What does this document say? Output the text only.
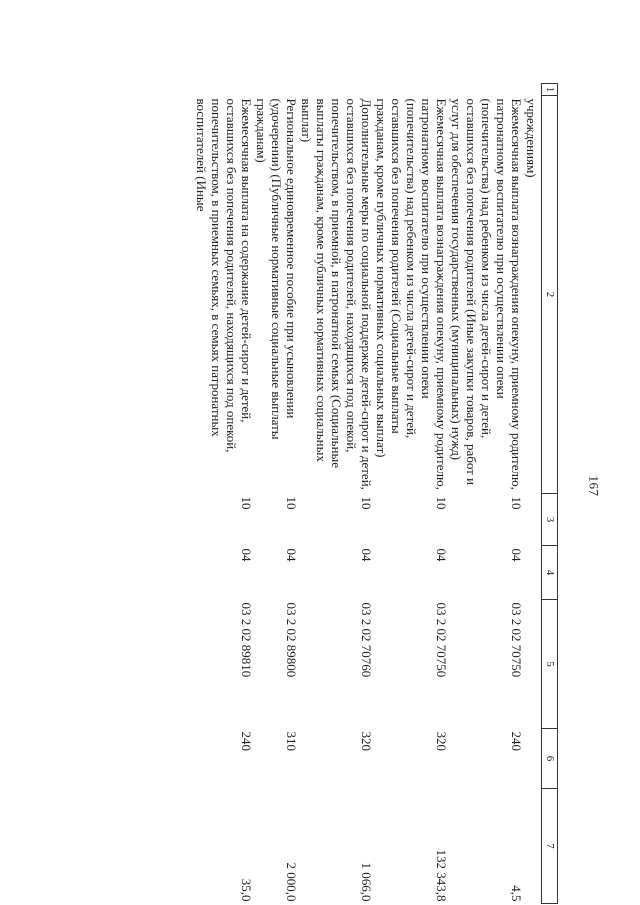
167
1	2	3	4	5	6	7
	учреждениям)					
	Ежемесячная выплата вознаграждения опекуну, приемному родителю, патронатному воспитателю при осуществлении опеки (попечительства) над ребенком из числа детей-сирот и детей, оставшихся без попечения родителей (Иные закупки товаров, работ и услуг для обеспечения государственных (муниципальных) нужд)	10	04	03 2 02 70750	240	4,5
	Ежемесячная выплата вознаграждения опекуну, приемному родителю, патронатному воспитателю при осуществлении опеки (попечительства) над ребенком из числа детей-сирот и детей, оставшихся без попечения родителей (Социальные выплаты гражданам, кроме публичных нормативных социальных выплат)	10	04	03 2 02 70750	320	132 343,8
	Дополнительные меры по социальной поддержке детей-сирот и детей, оставшихся без попечения родителей, находящихся под опекой, попечительством, в приемной, в патронатной семьях (Социальные выплаты гражданам, кроме публичных нормативных социальных выплат)	10	04	03 2 02 70760	320	1 066,0
	Региональное единовременное пособие при усыновлении (удочерении) (Публичные нормативные социальные выплаты гражданам)	10	04	03 2 02 89800	310	2 000,0
	Ежемесячная выплата на содержание детей-сирот и детей, оставшихся без попечения родителей, находящихся под опекой, попечительством, в приемных семьях, в семьях патронатных воспитателей (Иные	10	04	03 2 02 89810	240	35,0
